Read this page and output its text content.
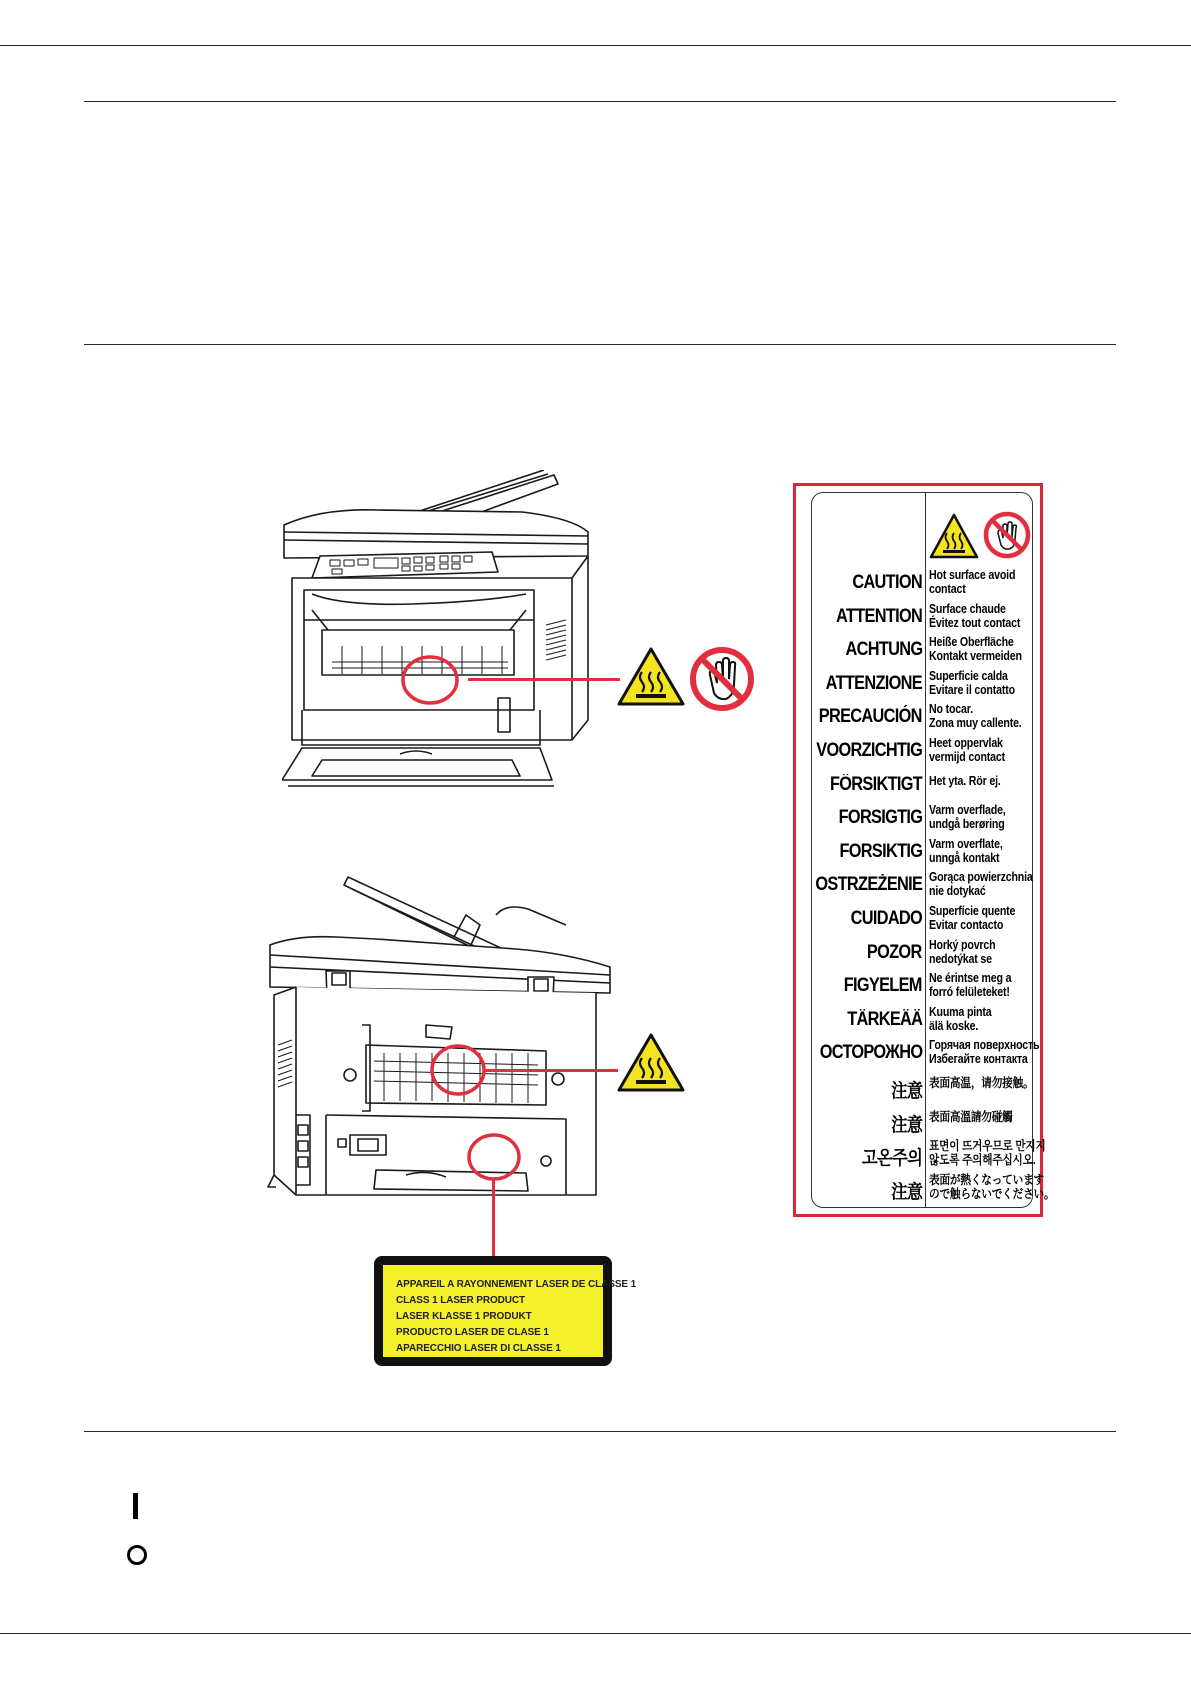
APPAREIL A RAYONNEMENT LASER DE CLASSE 1
CLASS 1 LASER PRODUCT
LASER KLASSE 1 PRODUKT
PRODUCTO LASER DE CLASE 1
APARECCHIO LASER DI CLASSE 1
CAUTION Hot surface avoid
contact
ATTENTION Surface chaude
Évitez tout contact
ACHTUNG Heiße Oberfläche
Kontakt vermeiden
ATTENZIONE Superficie calda
Evitare il contatto
PRECAUCIÓN No tocar.
Zona muy callente.
VOORZICHTIG Heet oppervlak
vermijd contact
FÖRSIKTIGT Het yta. Rör ej.
FORSIGTIG Varm overflade,
undgå berøring
FORSIKTIG Varm overflate,
unngå kontakt
OSTRZEŻENIE Gorąca powierzchnia
nie dotykać
CUIDADO Superfície quente
Evitar contacto
POZOR Horký povrch
nedotýkat se
FIGYELEM Ne érintse meg a
forró felületeket!
TÄRKEÄÄ Kuuma pinta
älä koske.
ОСТОРОЖНО Горячая поверхность
Избегайте контакта
注意 表面高温，请勿接触。
注意 表面高溫請勿碰觸
고온주의
표면이 뜨거우므로 만지지
않도록 주의해주십시오.
注意
表面が熱くなっています
ので触らないでください。
